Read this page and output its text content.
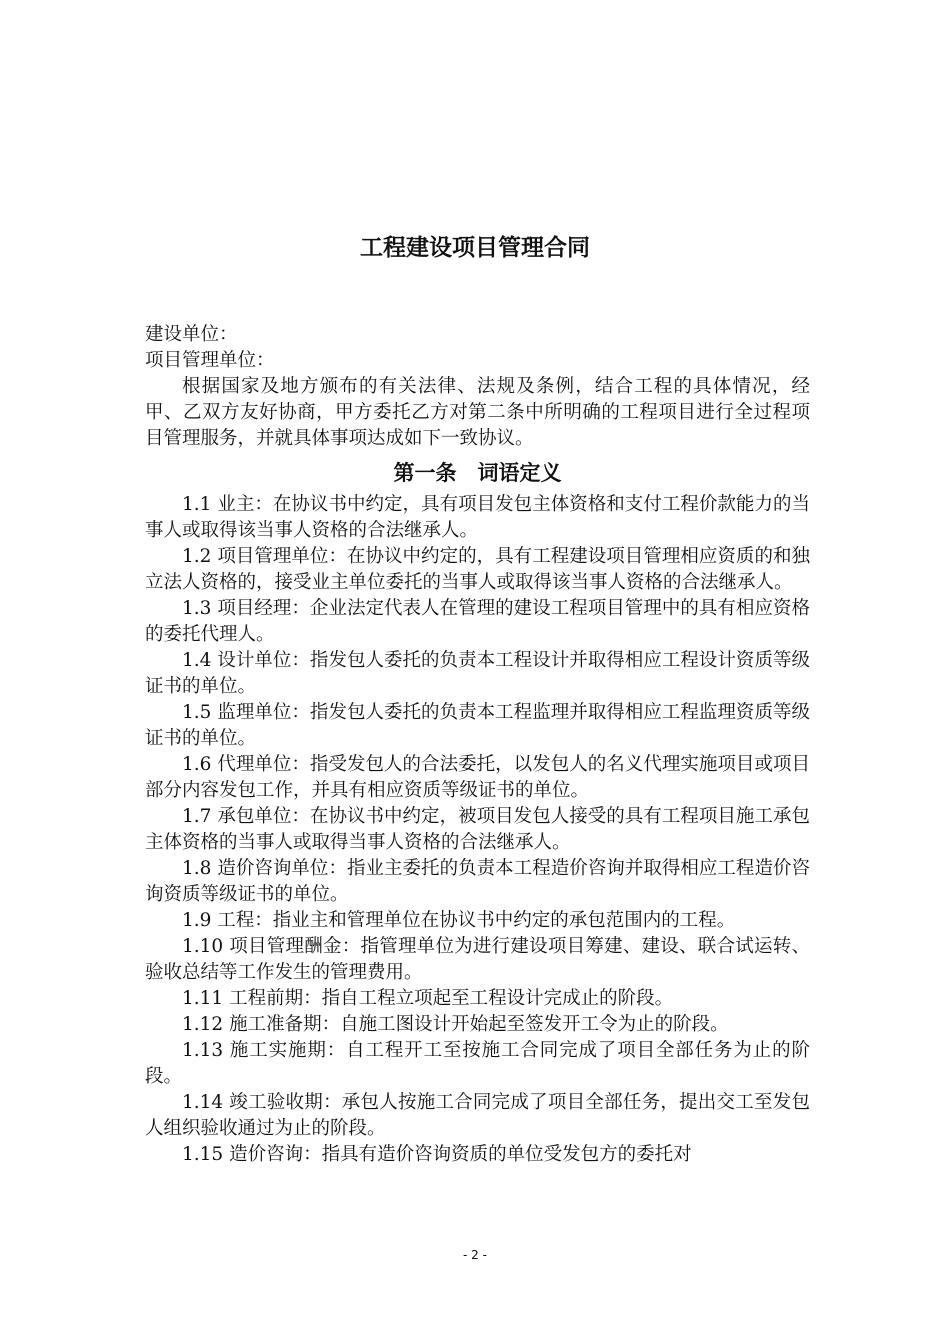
工程建设项目管理合同

建设单位：

项目管理单位：

根据国家及地方颁布的有关法律、法规及条例，结合工程的具体情况，经甲、乙双方友好协商，甲方委托乙方对第二条中所明确的工程项目进行全过程项目管理服务，并就具体事项达成如下一致协议。

第一条　词语定义

1.1 业主：在协议书中约定，具有项目发包主体资格和支付工程价款能力的当事人或取得该当事人资格的合法继承人。

1.2 项目管理单位：在协议中约定的，具有工程建设项目管理相应资质的和独立法人资格的，接受业主单位委托的当事人或取得该当事人资格的合法继承人。

1.3 项目经理：企业法定代表人在管理的建设工程项目管理中的具有相应资格的委托代理人。

1.4 设计单位：指发包人委托的负责本工程设计并取得相应工程设计资质等级证书的单位。

1.5 监理单位：指发包人委托的负责本工程监理并取得相应工程监理资质等级证书的单位。

1.6 代理单位：指受发包人的合法委托，以发包人的名义代理实施项目或项目部分内容发包工作，并具有相应资质等级证书的单位。

1.7 承包单位：在协议书中约定，被项目发包人接受的具有工程项目施工承包主体资格的当事人或取得当事人资格的合法继承人。

1.8 造价咨询单位：指业主委托的负责本工程造价咨询并取得相应工程造价咨询资质等级证书的单位。

1.9 工程：指业主和管理单位在协议书中约定的承包范围内的工程。

1.10 项目管理酬金：指管理单位为进行建设项目筹建、建设、联合试运转、验收总结等工作发生的管理费用。

1.11 工程前期：指自工程立项起至工程设计完成止的阶段。

1.12 施工准备期：自施工图设计开始起至签发开工令为止的阶段。

1.13 施工实施期：自工程开工至按施工合同完成了项目全部任务为止的阶段。

1.14 竣工验收期：承包人按施工合同完成了项目全部任务，提出交工至发包人组织验收通过为止的阶段。

1.15 造价咨询：指具有造价咨询资质的单位受发包方的委托对

- 2 -
